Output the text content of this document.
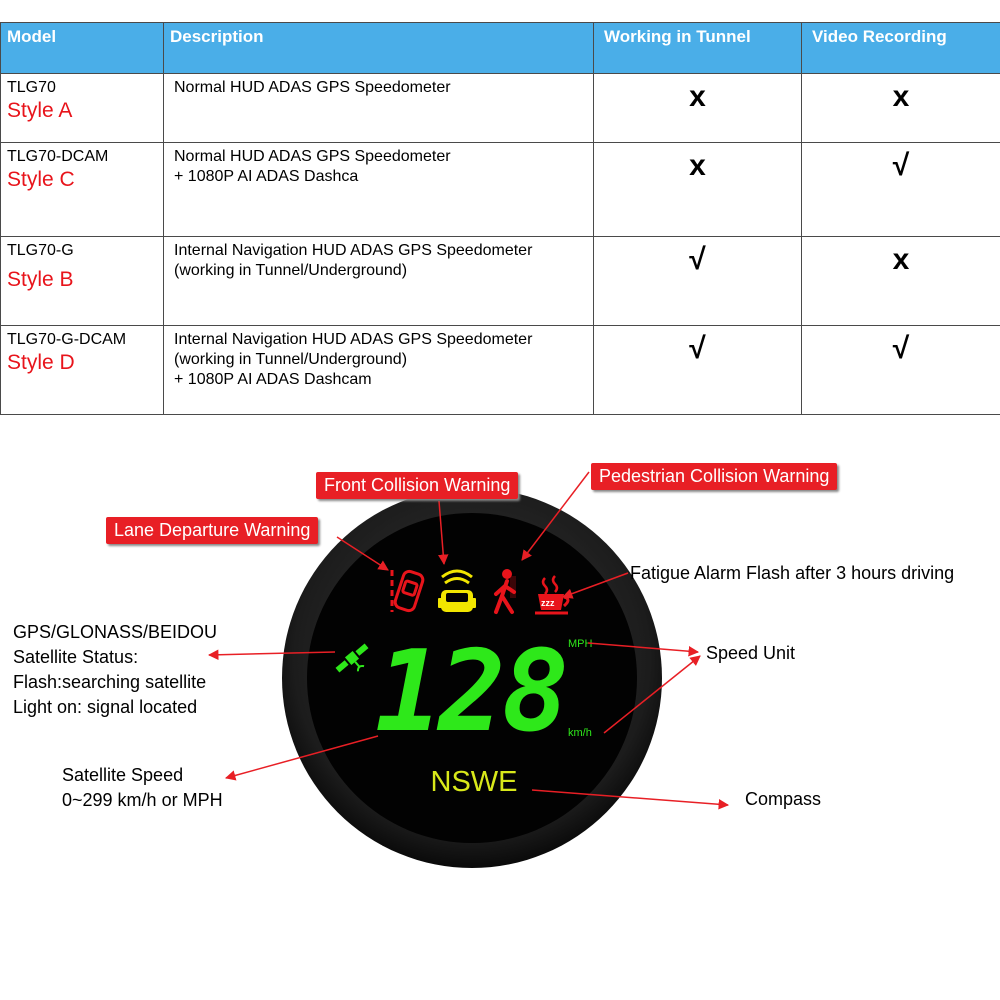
Model	Description	Working in Tunnel	Video Recording
TLG70
Style A	Normal HUD ADAS GPS Speedometer	x	x
TLG70-DCAM
Style C	Normal HUD ADAS GPS Speedometer
+ 1080P AI ADAS Dashca	x	√
TLG70-G
Style B	Internal Navigation HUD ADAS GPS Speedometer
(working in Tunnel/Underground)	√	x
TLG70-G-DCAM
Style D	Internal Navigation HUD ADAS GPS Speedometer
(working in Tunnel/Underground)
+ 1080P AI ADAS Dashcam	√	√
zzz
128 MPH
km/h
NSWE
Front Collision Warning	Pedestrian Collision Warning
Lane Departure Warning
Fatigue Alarm Flash after 3 hours driving
GPS/GLONASS/BEIDOU
Satellite Status:
Flash:searching satellite
Light on: signal located
Speed Unit
Satellite Speed
0~299 km/h or MPH	Compass
